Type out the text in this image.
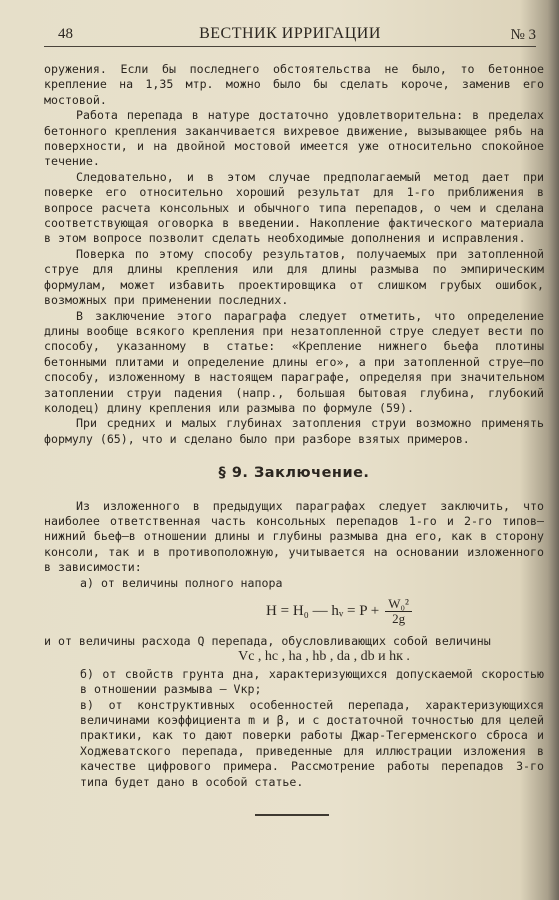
48	ВЕСТНИК ИРРИГАЦИИ	№ 3

оружения. Если бы последнего обстоятельства не было, то бетонное крепление на 1,35 мтр. можно было бы сделать короче, заменив его мостовой.

Работа перепада в натуре достаточно удовлетворительна: в пределах бетонного крепления заканчивается вихревое движение, вызывающее рябь на поверхности, и на двойной мостовой имеется уже относительно спокойное течение.

Следовательно, и в этом случае предполагаемый метод дает при поверке его относительно хороший результат для 1-го приближения в вопросе расчета консольных и обычного типа перепадов, о чем и сделана соответствующая оговорка в введении. Накопление фактического материала в этом вопросе позволит сделать необходимые дополнения и исправления.

Поверка по этому способу результатов, получаемых при затопленной струе для длины крепления или для длины размыва по эмпирическим формулам, может избавить проектировщика от слишком грубых ошибок, возможных при применении последних.

В заключение этого параграфа следует отметить, что определение длины вообще всякого крепления при незатопленной струе следует вести по способу, указанному в статье: «Крепление нижнего бьефа плотины бетонными плитами и определение длины его», а при затопленной струе—по способу, изложенному в настоящем параграфе, определяя при значительном затоплении струи падения (напр., большая бытовая глубина, глубокий колодец) длину крепления или размыва по формуле (59).

При средних и малых глубинах затопления струи возможно применять формулу (65), что и сделано было при разборе взятых примеров.

§ 9. Заключение.

Из изложенного в предыдущих параграфах следует заключить, что наиболее ответственная часть консольных перепадов 1-го и 2-го типов—нижний бьеф—в отношении длины и глубины размыва дна его, как в сторону консоли, так и в противоположную, учитывается на основании изложенного в зависимости:

а) от величины полного напора

H = H₀ — hᵥ = $P + \frac{\text{W₀²}}{2g}$

и от величины расхода Q перепада, обусловливающих собой величины

Vc , hc , ha , hb , da , db и hк .

б) от свойств грунта дна, характеризующихся допускаемой скоростью в отношении размыва — Vкр;

в) от конструктивных особенностей перепада, характеризующихся величинами коэффициента m и β, и с достаточной точностью для целей практики, как то дают поверки работы Джар-Тегерменского сброса и Ходжеватского перепада, приведенные для иллюстрации изложения в качестве цифрового примера. Рассмотрение работы перепадов 3-го типа будет дано в особой статье.
